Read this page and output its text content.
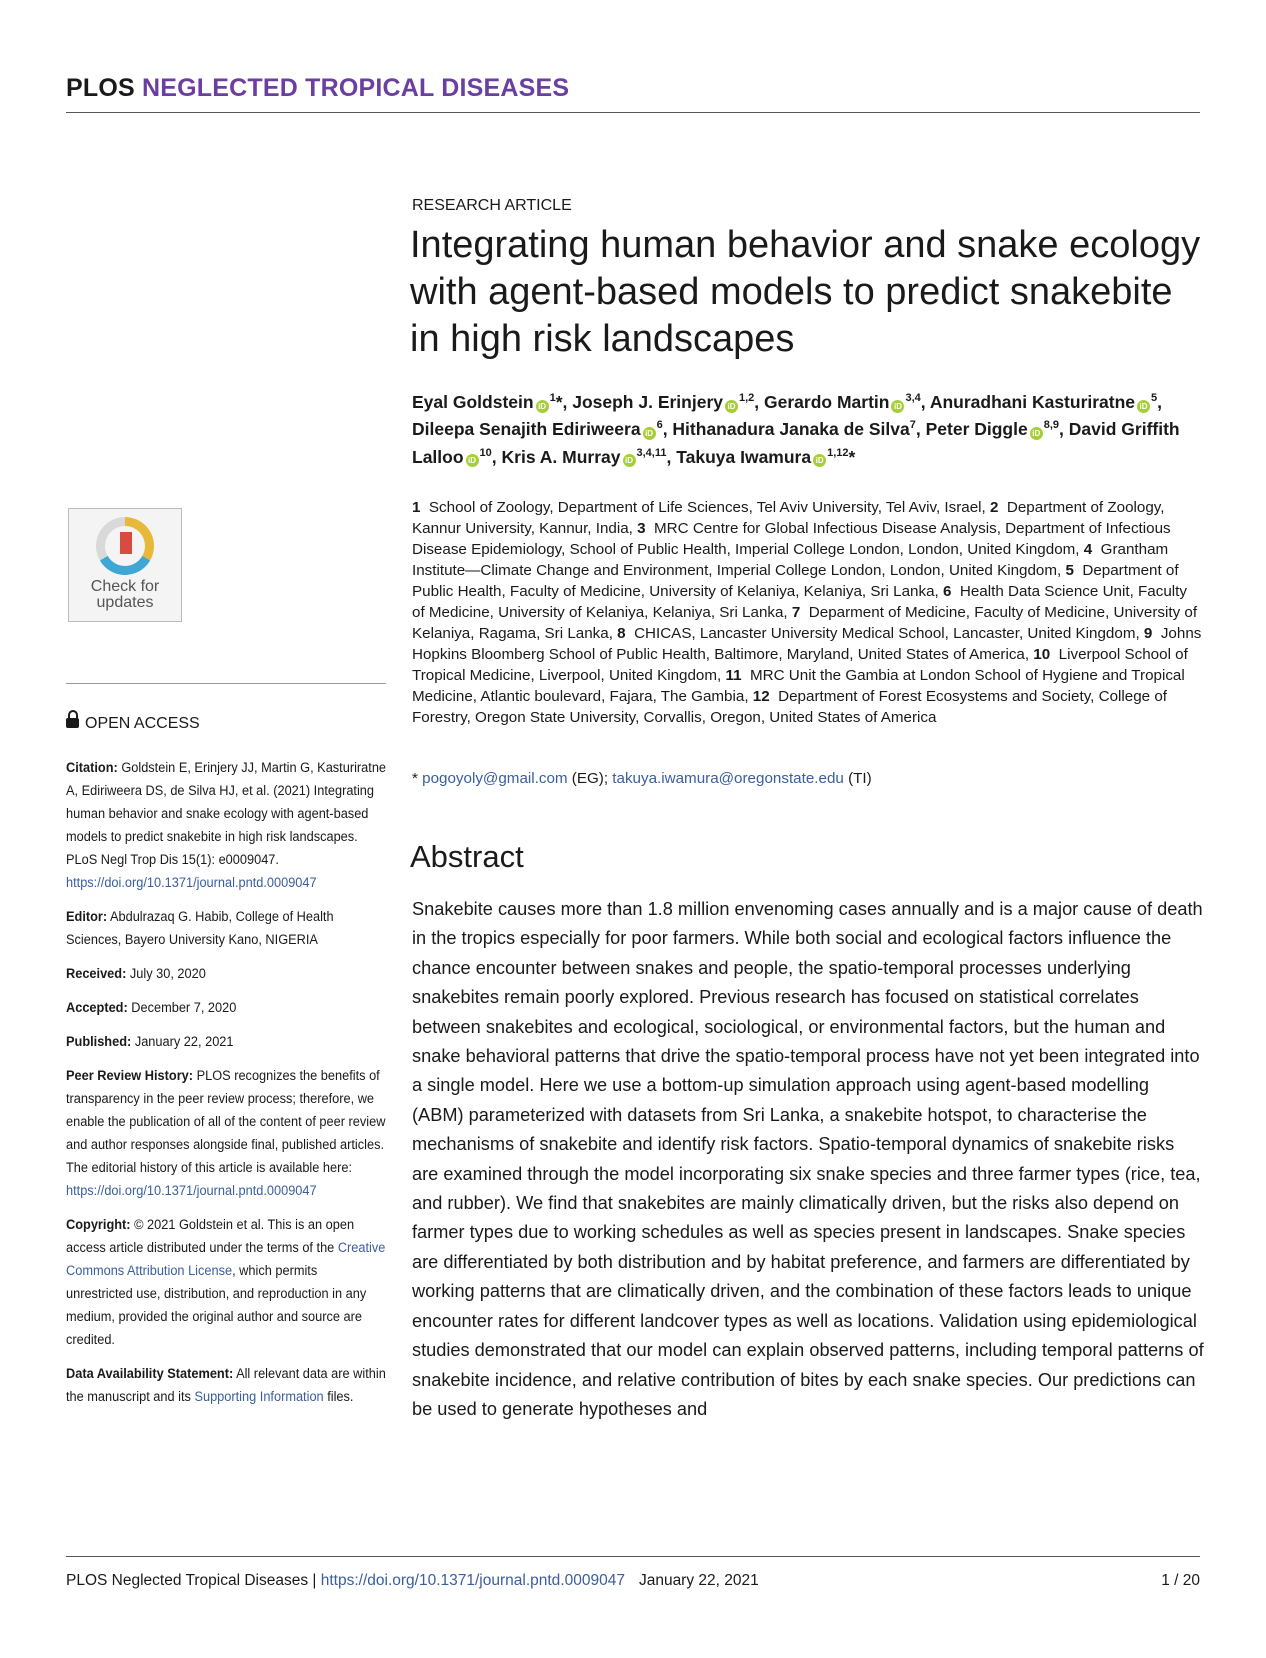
PLOS NEGLECTED TROPICAL DISEASES
RESEARCH ARTICLE
Integrating human behavior and snake ecology with agent-based models to predict snakebite in high risk landscapes
Eyal Goldstein $iD^1*$, Joseph J. Erinjery iD$^{1,2}$, Gerardo Martin iD$^{3,4}$, Anuradhani Kasturiratne $iD^5$, Dileepa Senajith Ediriweera $iD^6$, Hithanadura Janaka de Silva$^7$, Peter Diggle iD$^{8,9}$, David Griffith Lalloo $iD^{10}$, Kris A. Murray iD$^{3,4,11}$, Takuya Iwamura iD$^{1,12}$*
1 School of Zoology, Department of Life Sciences, Tel Aviv University, Tel Aviv, Israel, 2 Department of Zoology, Kannur University, Kannur, India, 3 MRC Centre for Global Infectious Disease Analysis, Department of Infectious Disease Epidemiology, School of Public Health, Imperial College London, London, United Kingdom, 4 Grantham Institute—Climate Change and Environment, Imperial College London, London, United Kingdom, 5 Department of Public Health, Faculty of Medicine, University of Kelaniya, Kelaniya, Sri Lanka, 6 Health Data Science Unit, Faculty of Medicine, University of Kelaniya, Kelaniya, Sri Lanka, 7 Deparment of Medicine, Faculty of Medicine, University of Kelaniya, Ragama, Sri Lanka, 8 CHICAS, Lancaster University Medical School, Lancaster, United Kingdom, 9 Johns Hopkins Bloomberg School of Public Health, Baltimore, Maryland, United States of America, 10 Liverpool School of Tropical Medicine, Liverpool, United Kingdom, 11 MRC Unit the Gambia at London School of Hygiene and Tropical Medicine, Atlantic boulevard, Fajara, The Gambia, 12 Department of Forest Ecosystems and Society, College of Forestry, Oregon State University, Corvallis, Oregon, United States of America
* pogoyoly@gmail.com (EG); takuya.iwamura@oregonstate.edu (TI)
Abstract
Snakebite causes more than 1.8 million envenoming cases annually and is a major cause of death in the tropics especially for poor farmers. While both social and ecological factors influence the chance encounter between snakes and people, the spatio-temporal processes underlying snakebites remain poorly explored. Previous research has focused on statistical correlates between snakebites and ecological, sociological, or environmental factors, but the human and snake behavioral patterns that drive the spatio-temporal process have not yet been integrated into a single model. Here we use a bottom-up simulation approach using agent-based modelling (ABM) parameterized with datasets from Sri Lanka, a snakebite hotspot, to characterise the mechanisms of snakebite and identify risk factors. Spatio-temporal dynamics of snakebite risks are examined through the model incorporating six snake species and three farmer types (rice, tea, and rubber). We find that snakebites are mainly climatically driven, but the risks also depend on farmer types due to working schedules as well as species present in landscapes. Snake species are differentiated by both distribution and by habitat preference, and farmers are differentiated by working patterns that are climatically driven, and the combination of these factors leads to unique encounter rates for different landcover types as well as locations. Validation using epidemiological studies demonstrated that our model can explain observed patterns, including temporal patterns of snakebite incidence, and relative contribution of bites by each snake species. Our predictions can be used to generate hypotheses and
Check for
updates
OPEN ACCESS

Citation: Goldstein E, Erinjery JJ, Martin G, Kasturiratne A, Ediriweera DS, de Silva HJ, et al. (2021) Integrating human behavior and snake ecology with agent-based models to predict snakebite in high risk landscapes. PLoS Negl Trop Dis 15(1): e0009047. https://doi.org/10.1371/journal.pntd.0009047

Editor: Abdulrazaq G. Habib, College of Health Sciences, Bayero University Kano, NIGERIA

Received: July 30, 2020

Accepted: December 7, 2020

Published: January 22, 2021

Peer Review History: PLOS recognizes the benefits of transparency in the peer review process; therefore, we enable the publication of all of the content of peer review and author responses alongside final, published articles. The editorial history of this article is available here: https://doi.org/10.1371/journal.pntd.0009047

Copyright: © 2021 Goldstein et al. This is an open access article distributed under the terms of the Creative Commons Attribution License, which permits unrestricted use, distribution, and reproduction in any medium, provided the original author and source are credited.

Data Availability Statement: All relevant data are within the manuscript and its Supporting Information files.

PLOS Neglected Tropical Diseases | https://doi.org/10.1371/journal.pntd.0009047 January 22, 2021	1 / 20
